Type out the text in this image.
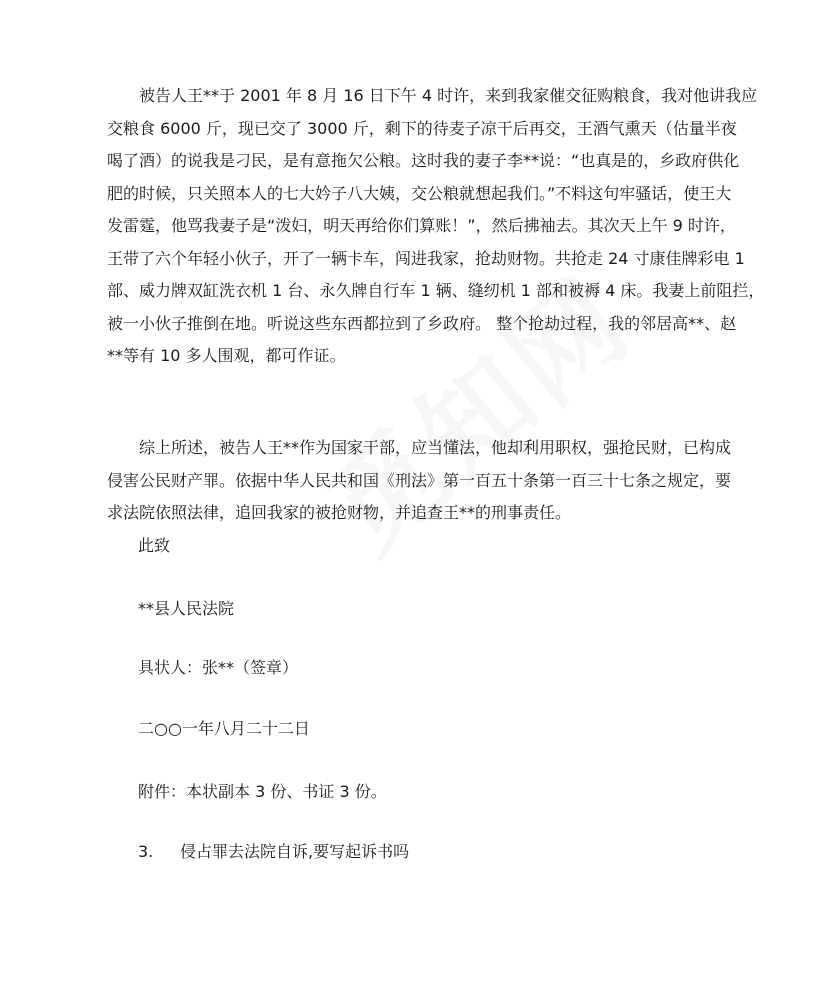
　　被告人王**于 2001 年 8 月 16 日下午 4 时许，来到我家催交征购粮食，我对他讲我应
交粮食 6000 斤，现已交了 3000 斤，剩下的待麦子凉干后再交，王酒气熏天（估量半夜
喝了酒）的说我是刁民，是有意拖欠公粮。这时我的妻子李**说：“也真是的，乡政府供化
肥的时候，只关照本人的七大妗子八大姨，交公粮就想起我们。”不料这句牢骚话，使王大
发雷霆，他骂我妻子是“泼妇，明天再给你们算账！”，然后拂袖去。其次天上午 9 时许，
王带了六个年轻小伙子，开了一辆卡车，闯进我家，抢劫财物。共抢走 24 寸康佳牌彩电 1
部、威力牌双缸洗衣机 1 台、永久牌自行车 1 辆、缝纫机 1 部和被褥 4 床。我妻上前阻拦，
被一小伙子推倒在地。听说这些东西都拉到了乡政府。 整个抢劫过程，我的邻居高**、赵
**等有 10 多人围观，都可作证。

　　综上所述，被告人王**作为国家干部，应当懂法，他却利用职权，强抢民财，已构成
侵害公民财产罪。依据中华人民共和国《刑法》第一百五十条第一百三十七条之规定，要
求法院依照法律，追回我家的被抢财物，并追查王**的刑事责任。

此致

**县人民法院

具状人：张**（签章）

二○○一年八月二十二日

附件：本状副本 3 份、书证 3 份。

3. 侵占罪去法院自诉,要写起诉书吗
